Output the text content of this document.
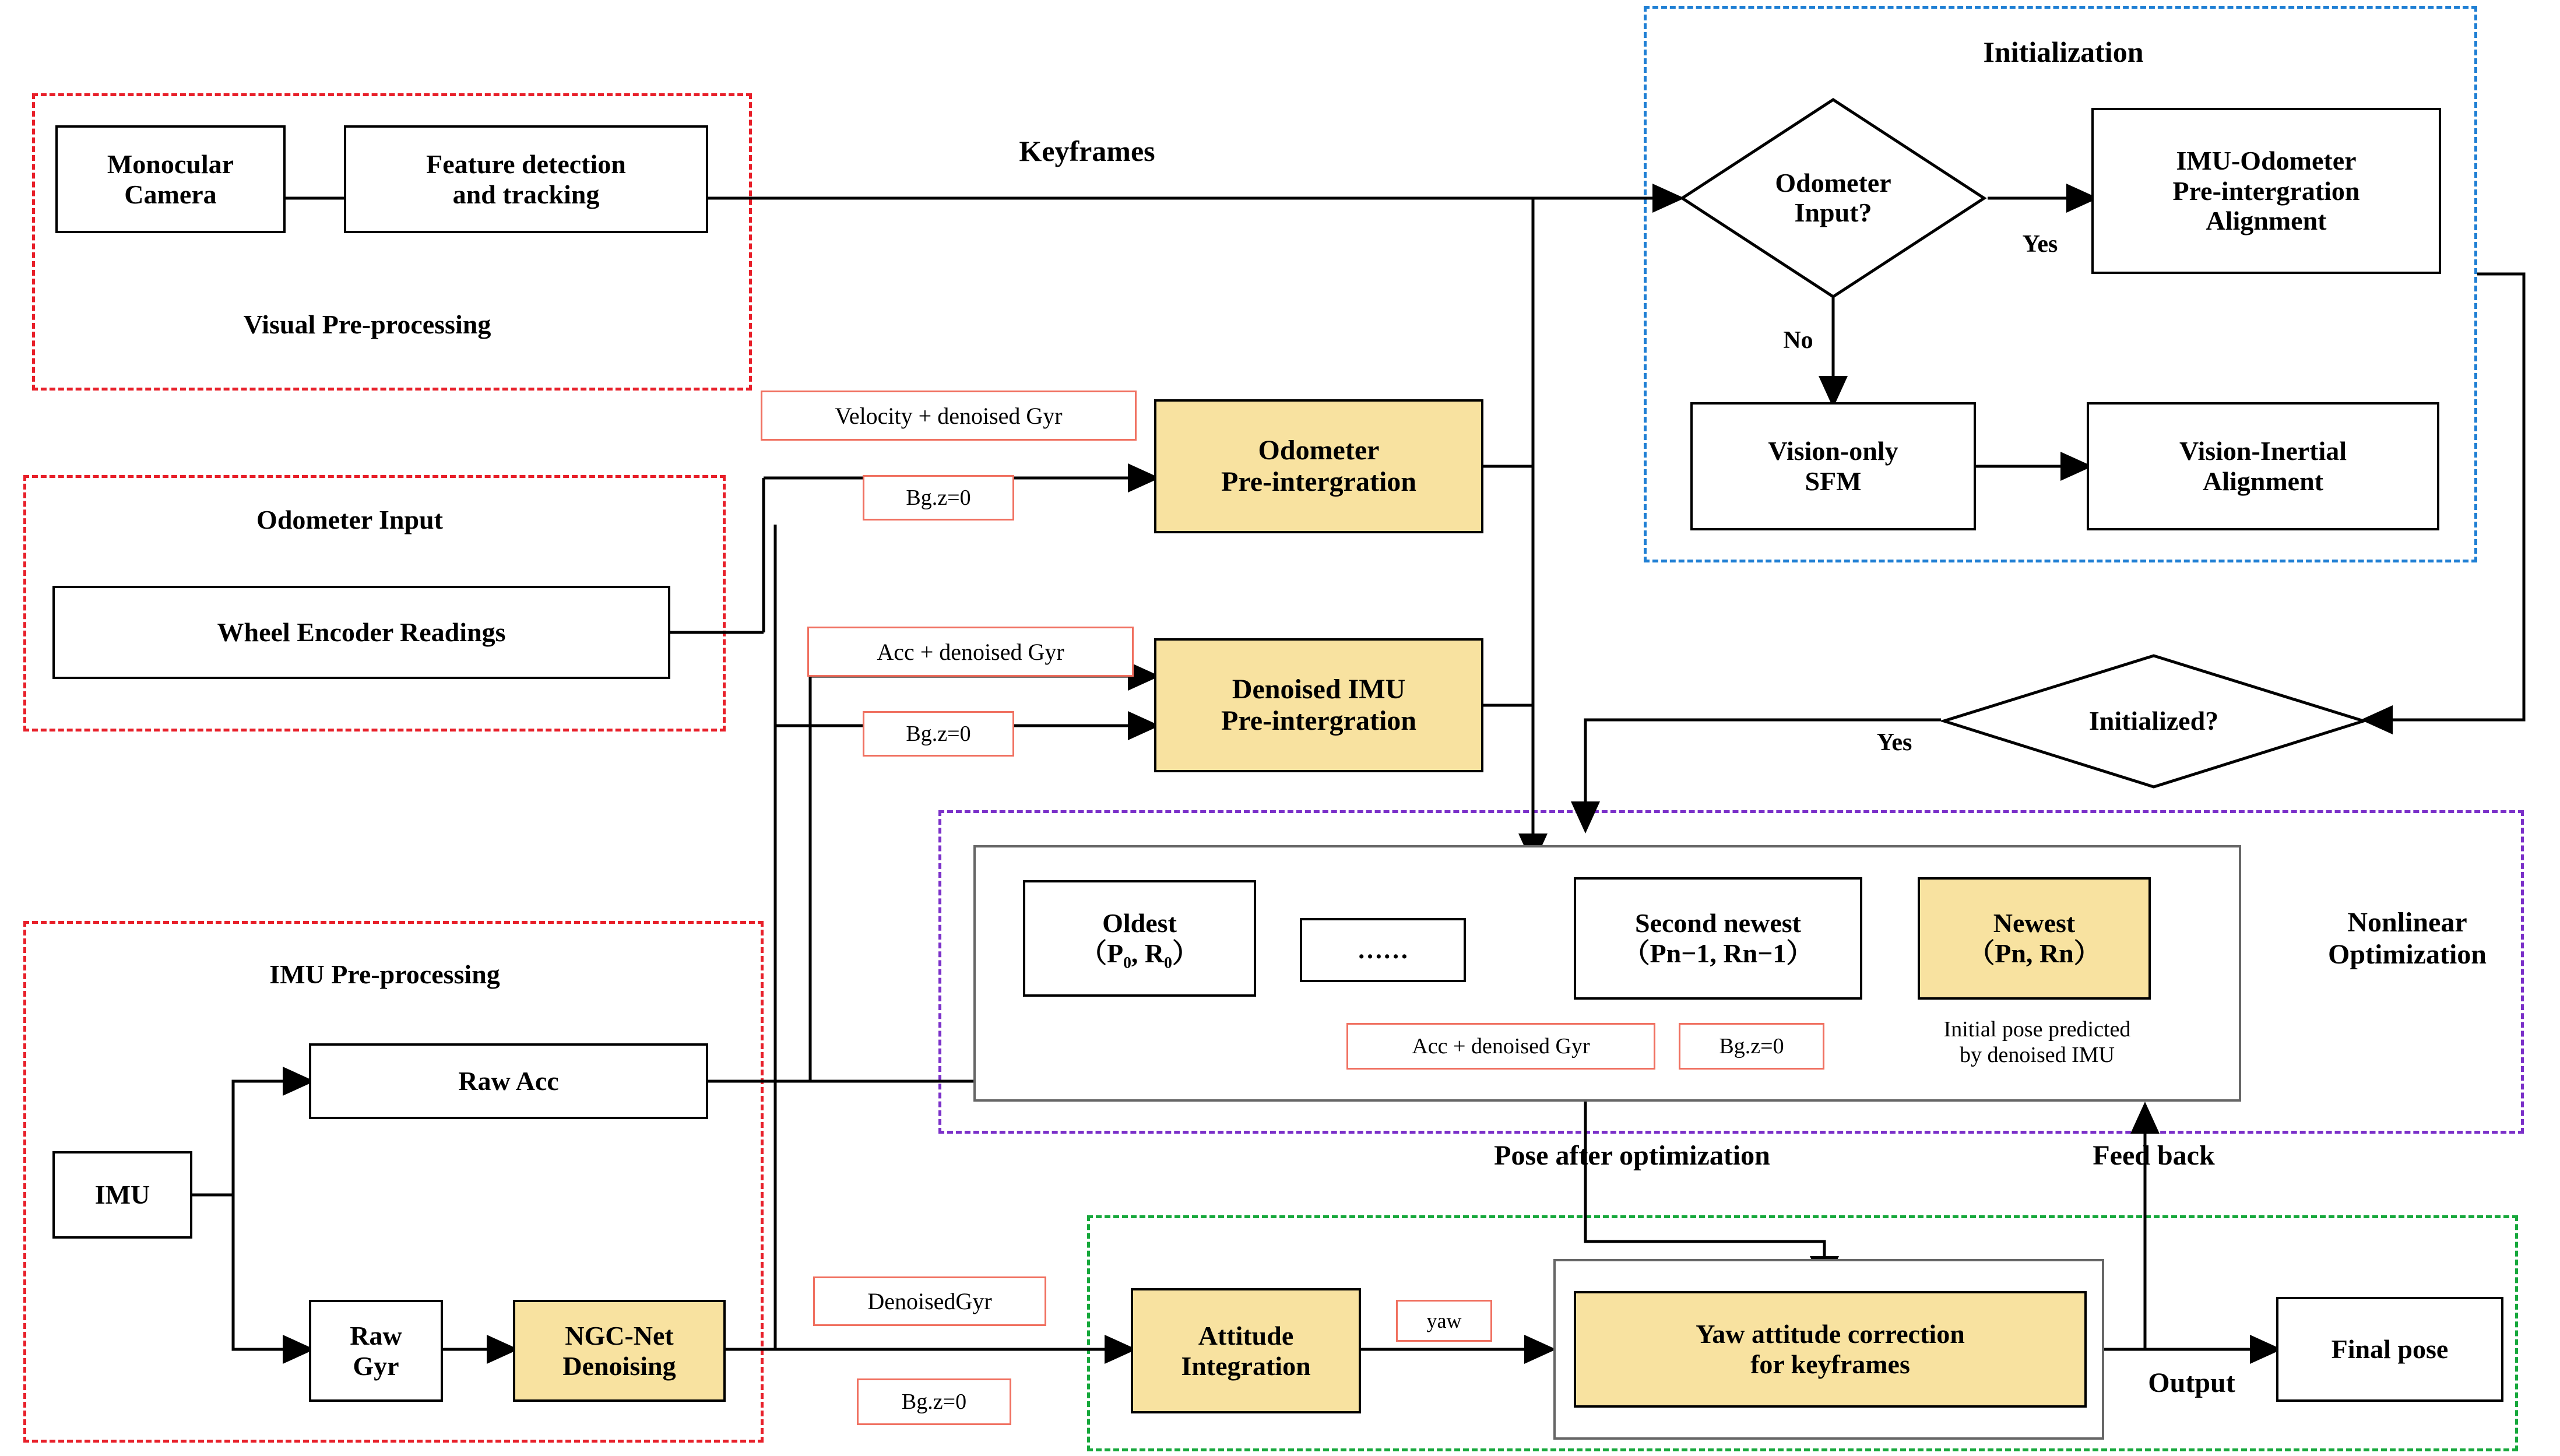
Visual Pre-processing
Odometer Input
IMU Pre-processing
Initialization
Nonlinear
Optimization
Monocular
Camera
Feature detection
and tracking
Wheel Encoder Readings
IMU
Raw Acc
Raw
Gyr
NGC-Net
Denoising
Odometer
Pre-intergration
Denoised IMU
Pre-intergration
IMU-Odometer
Pre-intergration
Alignment
Vision-only
SFM
Vision-Inertial
Alignment
Oldest
（P₀, R₀）	……
Second newest
（Pn−1, Rn−1）
Newest
（Pn, Rn）
Initial pose predicted
by denoised IMU
Attitude
Integration
Yaw attitude correction
for keyframes
Final pose
Odometer
Input?
Initialized?
Velocity + denoised Gyr
Bg.z=0
Acc + denoised Gyr
Bg.z=0
Acc + denoised Gyr	Bg.z=0
DenoisedGyr
Bg.z=0
yaw
Keyframes
Yes
No
Yes
Pose after optimization	Feed back
Output
